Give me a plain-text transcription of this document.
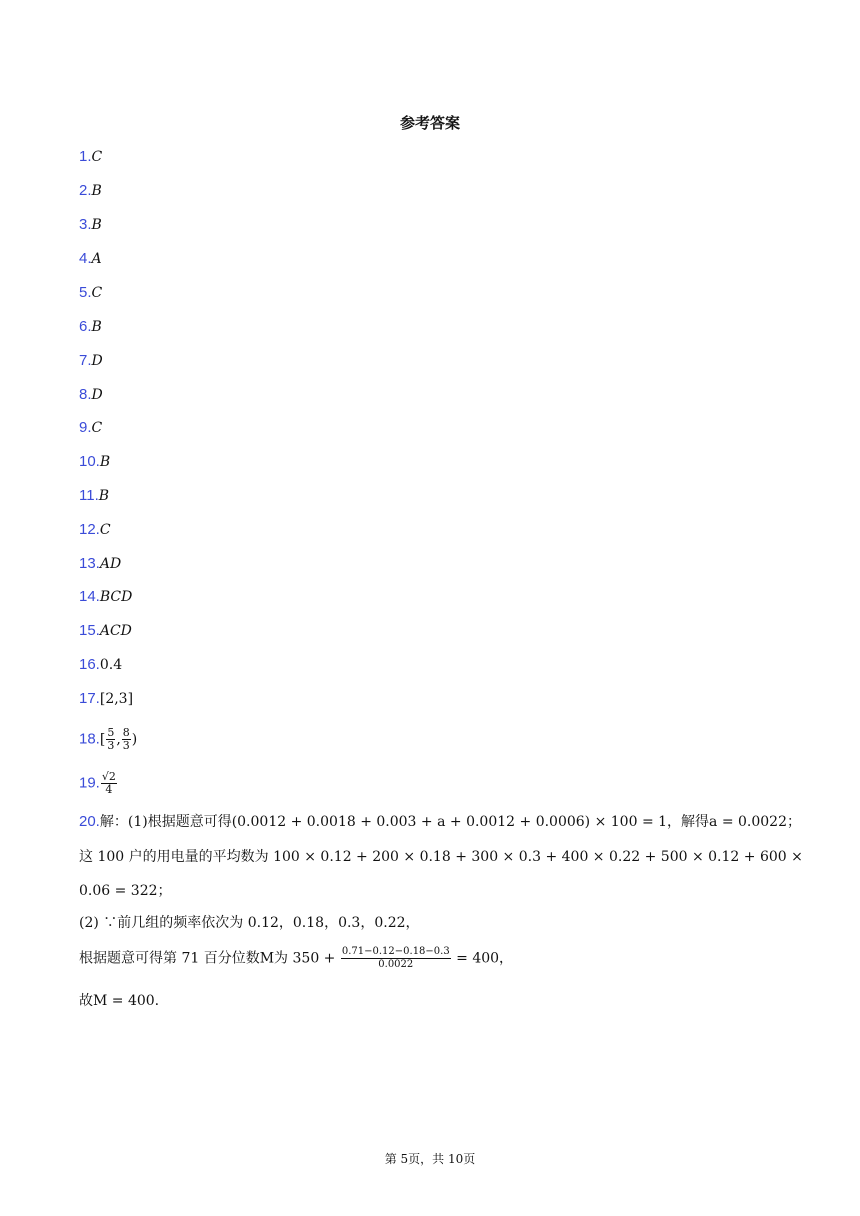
参考答案
1.C
2.B
3.B
4.A
5.C
6.B
7.D
8.D
9.C
10.B
11.B
12.C
13.AD
14.BCD
15.ACD
16.0.4
17.[2,3]
$18.[ \frac{5}{3}$ , $\frac{8}{3}$ )
19. $\frac{√2}{4}$
20.解：(1)根据题意可得(0.0012 + 0.0018 + 0.003 + a + 0.0012 + 0.0006) × 100 = 1，解得a = 0.0022；
这 100 户的用电量的平均数为 100 × 0.12 + 200 × 0.18 + 300 × 0.3 + 400 × 0.22 + 500 × 0.12 + 600 ×
0.06 = 322；
(2) ∵前几组的频率依次为 0.12，0.18，0.3，0.22，
根据题意可得第 71 百分位数M为 $350 + \frac{0.71-0.12-0.18-0.3}{0.0022} = 400$，
故M = 400.
第 5页，共 10页
